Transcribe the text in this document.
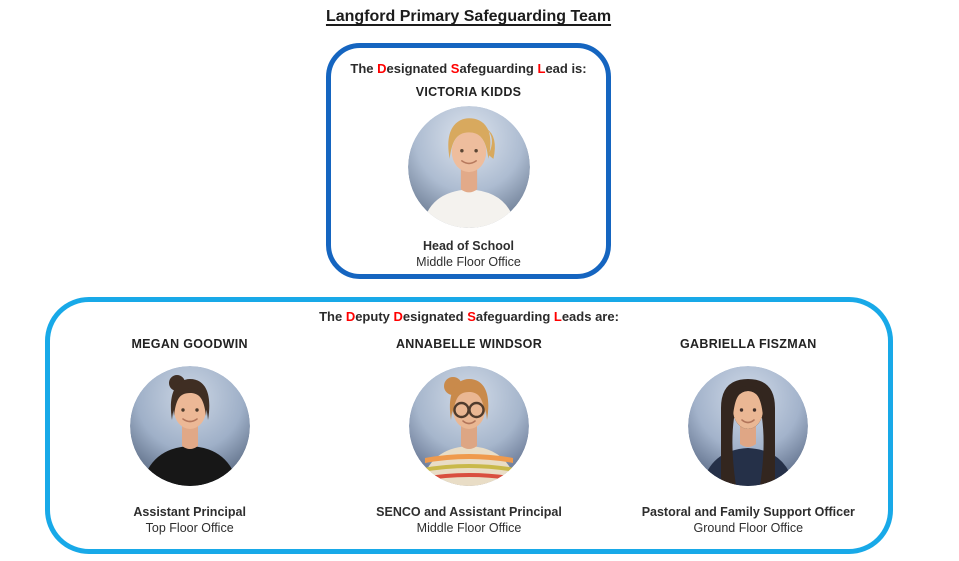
Langford Primary Safeguarding Team
The Designated Safeguarding Lead is:
VICTORIA KIDDS
Head of School
Middle Floor Office
The Deputy Designated Safeguarding Leads are:
MEGAN GOODWIN
Assistant Principal
Top Floor Office
ANNABELLE WINDSOR
SENCO and Assistant Principal
Middle Floor Office
GABRIELLA FISZMAN
Pastoral and Family Support Officer
Ground Floor Office
